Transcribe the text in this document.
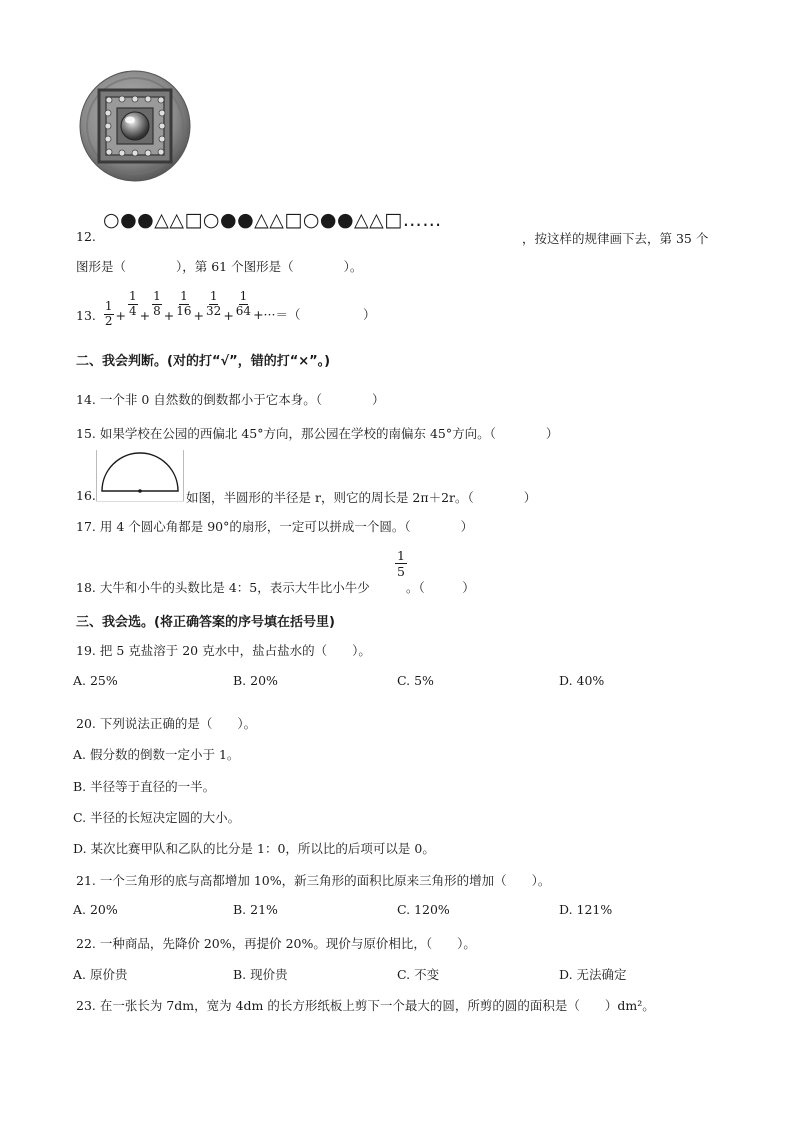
12.
○●●△△□○●●△△□○●●△△□……
，按这样的规律画下去，第 35 个
图形是（　　　　），第 61 个图形是（　　　　）。
13. $\frac{1}{2} + \frac{1}{4} + \frac{1}{8} + \frac{1}{16} + \frac{1}{32} + \frac{1}{64}$ +···＝（　　　　　）
二、我会判断。(对的打“√”，错的打“×”。)
14. 一个非 0 自然数的倒数都小于它本身。（　　　　）
15. 如果学校在公园的西偏北 45°方向，那公园在学校的南偏东 45°方向。（　　　　）
16.	如图，半圆形的半径是 r，则它的周长是 2π＋2r。（　　　　）
17. 用 4 个圆心角都是 90°的扇形，一定可以拼成一个圆。（　　　　）
18. 大牛和小牛的头数比是 4：5，表示大牛比小牛少
1
5
。（　　　）
三、我会选。(将正确答案的序号填在括号里)
19. 把 5 克盐溶于 20 克水中，盐占盐水的（　　）。
A. 25%	B. 20%	C. 5%	D. 40%
20. 下列说法正确的是（　　）。
A. 假分数的倒数一定小于 1。
B. 半径等于直径的一半。
C. 半径的长短决定圆的大小。
D. 某次比赛甲队和乙队的比分是 1：0，所以比的后项可以是 0。
21. 一个三角形的底与高都增加 10%，新三角形的面积比原来三角形的增加（　　）。
A. 20%	B. 21%	C. 120%	D. 121%
22. 一种商品，先降价 20%，再提价 20%。现价与原价相比，（　　）。
A. 原价贵	B. 现价贵	C. 不变	D. 无法确定
23. 在一张长为 7dm，宽为 4dm 的长方形纸板上剪下一个最大的圆，所剪的圆的面积是（　　）dm²。
